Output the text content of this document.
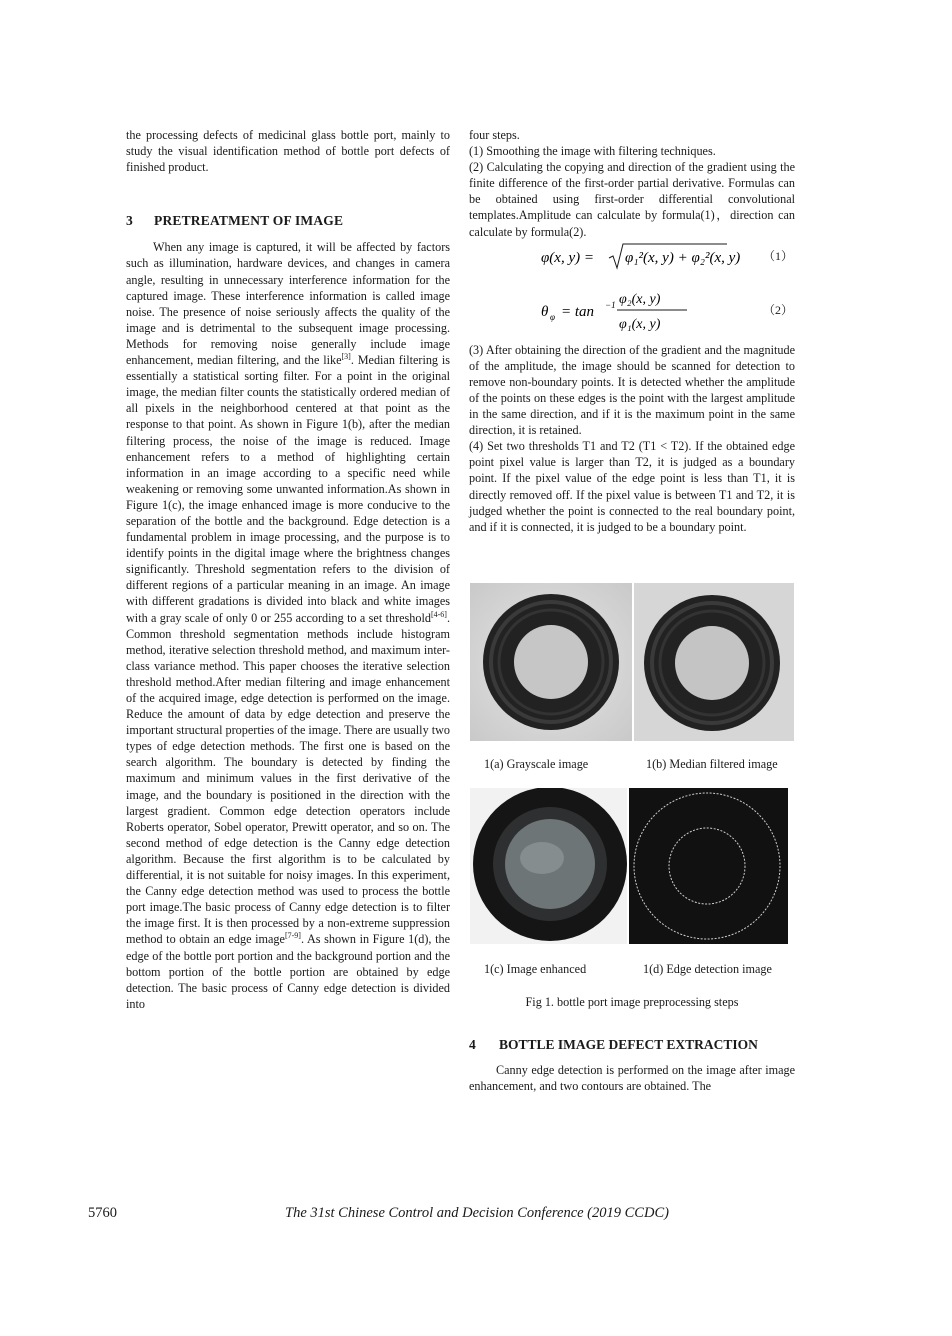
the processing defects of medicinal glass bottle port, mainly to study the visual identification method of bottle port defects of finished product.

3 PRETREATMENT OF IMAGE

When any image is captured, it will be affected by factors such as illumination, hardware devices, and changes in camera angle, resulting in unnecessary interference information for the captured image. These interference information is called image noise. The presence of noise seriously affects the quality of the image and is detrimental to the subsequent image processing. Methods for removing noise generally include image enhancement, median filtering, and the like[3]. Median filtering is essentially a statistical sorting filter. For a point in the original image, the median filter counts the statistically ordered median of all pixels in the neighborhood centered at that point as the response to that point. As shown in Figure 1(b), after the median filtering process, the noise of the image is reduced. Image enhancement refers to a method of highlighting certain information in an image according to a specific need while weakening or removing some unwanted information.As shown in Figure 1(c), the image enhanced image is more conducive to the separation of the bottle and the background. Edge detection is a fundamental problem in image processing, and the purpose is to identify points in the digital image where the brightness changes significantly. Threshold segmentation refers to the division of different regions of a particular meaning in an image. An image with different gradations is divided into black and white images with a gray scale of only 0 or 255 according to a set threshold[4-6]. Common threshold segmentation methods include histogram method, iterative selection threshold method, and maximum inter-class variance method. This paper chooses the iterative selection threshold method.After median filtering and image enhancement of the acquired image, edge detection is performed on the image. Reduce the amount of data by edge detection and preserve the important structural properties of the image. There are usually two types of edge detection methods. The first one is based on the search algorithm. The boundary is detected by finding the maximum and minimum values in the first derivative of the image, and the boundary is positioned in the direction with the largest gradient. Common edge detection operators include Roberts operator, Sobel operator, Prewitt operator, and so on. The second method of edge detection is the Canny edge detection algorithm. Because the first algorithm is to be calculated by differential, it is not suitable for noisy images. In this experiment, the Canny edge detection method was used to process the bottle port image.The basic process of Canny edge detection is to filter the image first. It is then processed by a non-extreme suppression method to obtain an edge image[7-9]. As shown in Figure 1(d), the edge of the bottle port portion and the background portion and the bottom portion of the bottle portion are obtained by edge detection. The basic process of Canny edge detection is divided into

four steps.

(1) Smoothing the image with filtering techniques.

(2) Calculating the copying and direction of the gradient using the finite difference of the first-order partial derivative. Formulas can be obtained using first-order differential convolutional templates.Amplitude can calculate by formula(1)，direction can calculate by formula(2).

φ(x, y) = φ₁²(x, y) + φ₂²(x, y) （1）
θ φ = tan −1 φ₂(x, y)
φ₁(x, y)
（2）

(3) After obtaining the direction of the gradient and the magnitude of the amplitude, the image should be scanned for detection to remove non-boundary points. It is detected whether the amplitude of the points on these edges is the point with the largest amplitude in the same direction, and if it is the maximum point in the same direction, it is retained.

(4) Set two thresholds T1 and T2 (T1 < T2). If the obtained edge point pixel value is larger than T2, it is judged as a boundary point. If the pixel value of the edge point is less than T1, it is directly removed off. If the pixel value is between T1 and T2, it is judged whether the point is connected to the real boundary point, and if it is connected, it is judged to be a boundary point.

1(a) Grayscale image	1(b) Median filtered image
1(c) Image enhanced	1(d) Edge detection image
Fig 1. bottle port image preprocessing steps
4 BOTTLE IMAGE DEFECT EXTRACTION

Canny edge detection is performed on the image after image enhancement, and two contours are obtained. The

5760	The 31st Chinese Control and Decision Conference (2019 CCDC)
